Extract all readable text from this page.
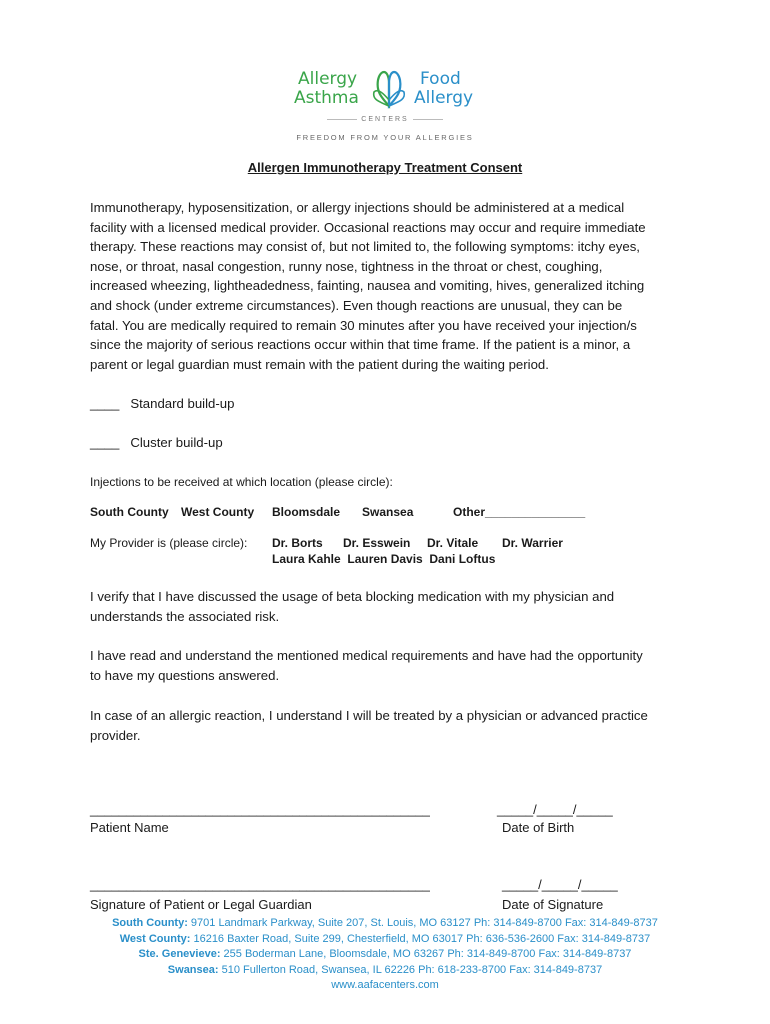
Allergy
Asthma
Food
Allergy
CENTERS
FREEDOM FROM YOUR ALLERGIES
Allergen Immunotherapy Treatment Consent
Immunotherapy, hyposensitization, or allergy injections should be administered at a medical
facility with a licensed medical provider. Occasional reactions may occur and require immediate
therapy. These reactions may consist of, but not limited to, the following symptoms: itchy eyes,
nose, or throat, nasal congestion, runny nose, tightness in the throat or chest, coughing,
increased wheezing, lightheadedness, fainting, nausea and vomiting, hives, generalized itching
and shock (under extreme circumstances). Even though reactions are unusual, they can be
fatal. You are medically required to remain 30 minutes after you have received your injection/s
since the majority of serious reactions occur within that time frame. If the patient is a minor, a
parent or legal guardian must remain with the patient during the waiting period.
____   Standard build-up
____   Cluster build-up
Injections to be received at which location (please circle):
South County West County Bloomsdale Swansea	Other_______________
My Provider is (please circle): Dr. Borts Dr. Esswein Dr. Vitale Dr. Warrier
Laura Kahle  Lauren Davis  Dani Loftus
I verify that I have discussed the usage of beta blocking medication with my physician and
understands the associated risk.
I have read and understand the mentioned medical requirements and have had the opportunity
to have my questions answered.
In case of an allergic reaction, I understand I will be treated by a physician or advanced practice
provider.
_______________________________________________	_____/_____/_____
Patient Name	Date of Birth
_______________________________________________	_____/_____/_____
Signature of Patient or Legal Guardian	Date of Signature
South County: 9701 Landmark Parkway, Suite 207, St. Louis, MO 63127 Ph: 314-849-8700 Fax: 314-849-8737
West County: 16216 Baxter Road, Suite 299, Chesterfield, MO 63017 Ph: 636-536-2600 Fax: 314-849-8737
Ste. Genevieve: 255 Boderman Lane, Bloomsdale, MO 63267 Ph: 314-849-8700 Fax: 314-849-8737
Swansea: 510 Fullerton Road, Swansea, IL 62226 Ph: 618-233-8700 Fax: 314-849-8737
www.aafacenters.com
